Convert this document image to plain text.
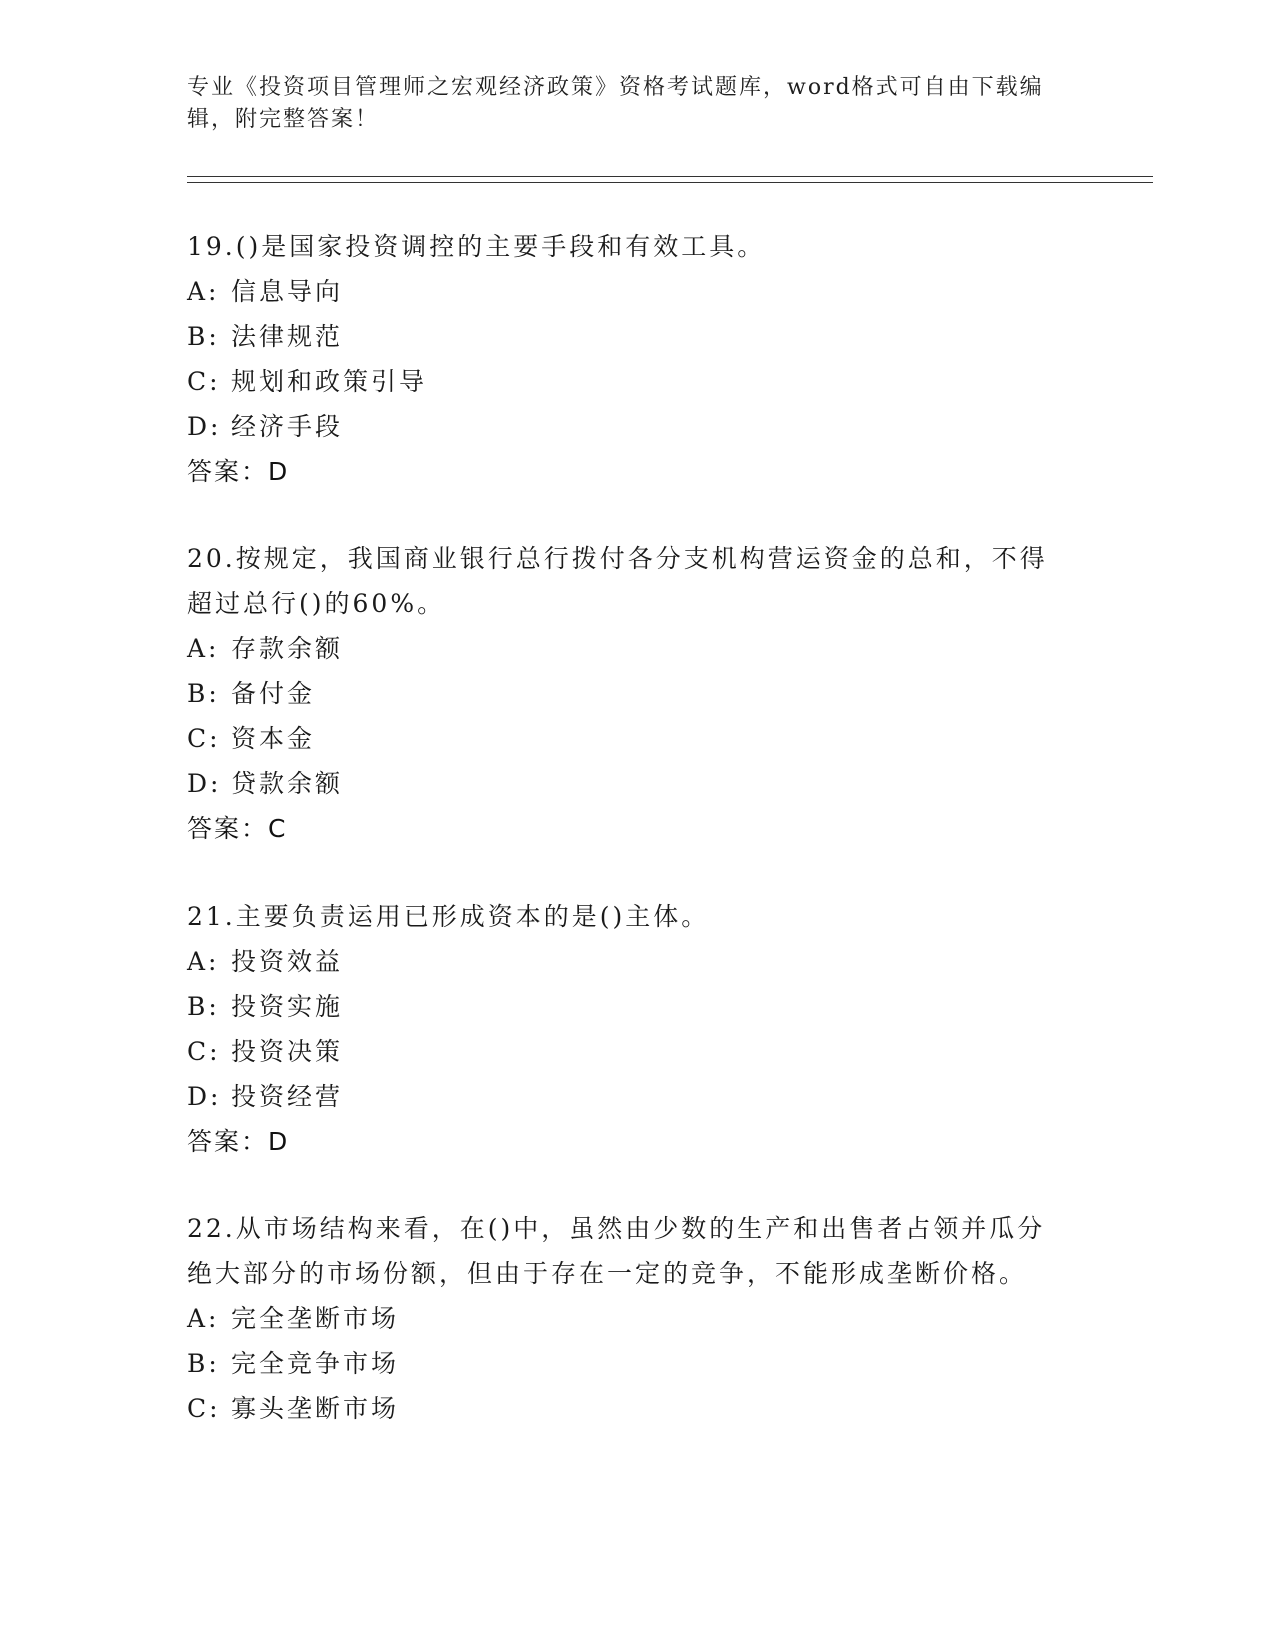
专业《投资项目管理师之宏观经济政策》资格考试题库，word格式可自由下载编
辑，附完整答案！

19.()是国家投资调控的主要手段和有效工具。

A: 信息导向

B: 法律规范

C: 规划和政策引导

D: 经济手段

答案：D

20.按规定，我国商业银行总行拨付各分支机构营运资金的总和，不得

超过总行()的60%。

A: 存款余额

B: 备付金

C: 资本金

D: 贷款余额

答案：C

21.主要负责运用已形成资本的是()主体。

A: 投资效益

B: 投资实施

C: 投资决策

D: 投资经营

答案：D

22.从市场结构来看，在()中，虽然由少数的生产和出售者占领并瓜分

绝大部分的市场份额，但由于存在一定的竞争，不能形成垄断价格。

A: 完全垄断市场

B: 完全竞争市场

C: 寡头垄断市场
